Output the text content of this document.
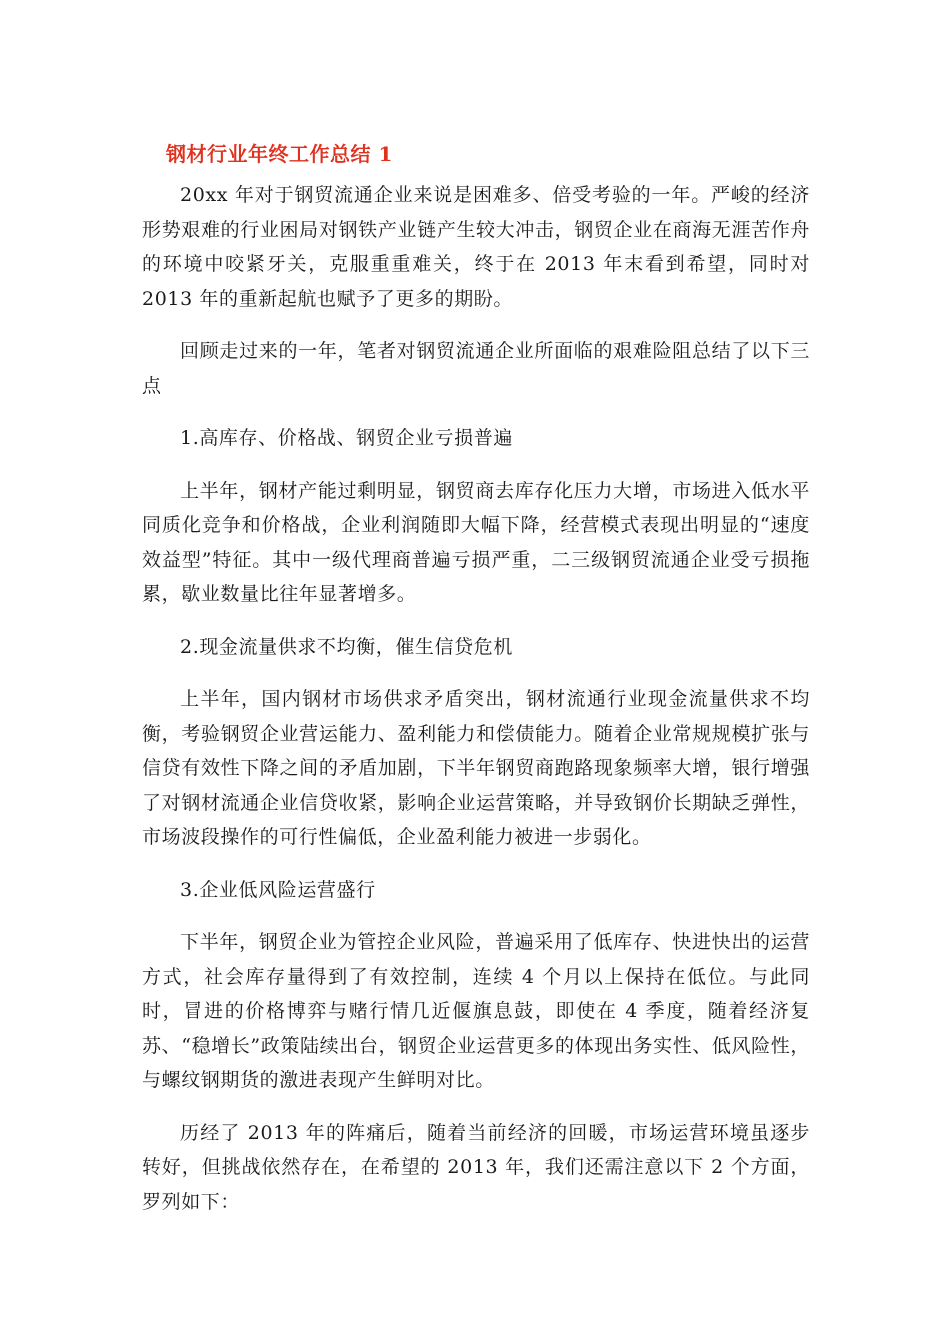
钢材行业年终工作总结 1

20xx 年对于钢贸流通企业来说是困难多、倍受考验的一年。严峻的经济形势艰难的行业困局对钢铁产业链产生较大冲击，钢贸企业在商海无涯苦作舟的环境中咬紧牙关，克服重重难关，终于在 2013 年末看到希望，同时对 2013 年的重新起航也赋予了更多的期盼。

回顾走过来的一年，笔者对钢贸流通企业所面临的艰难险阻总结了以下三点

1.高库存、价格战、钢贸企业亏损普遍

上半年，钢材产能过剩明显，钢贸商去库存化压力大增，市场进入低水平同质化竞争和价格战，企业利润随即大幅下降，经营模式表现出明显的“速度效益型”特征。其中一级代理商普遍亏损严重，二三级钢贸流通企业受亏损拖累，歇业数量比往年显著增多。

2.现金流量供求不均衡，催生信贷危机

上半年，国内钢材市场供求矛盾突出，钢材流通行业现金流量供求不均衡，考验钢贸企业营运能力、盈利能力和偿债能力。随着企业常规规模扩张与信贷有效性下降之间的矛盾加剧，下半年钢贸商跑路现象频率大增，银行增强了对钢材流通企业信贷收紧，影响企业运营策略，并导致钢价长期缺乏弹性，市场波段操作的可行性偏低，企业盈利能力被进一步弱化。

3.企业低风险运营盛行

下半年，钢贸企业为管控企业风险，普遍采用了低库存、快进快出的运营方式，社会库存量得到了有效控制，连续 4 个月以上保持在低位。与此同时，冒进的价格博弈与赌行情几近偃旗息鼓，即使在 4 季度，随着经济复苏、“稳增长”政策陆续出台，钢贸企业运营更多的体现出务实性、低风险性，与螺纹钢期货的激进表现产生鲜明对比。

历经了 2013 年的阵痛后，随着当前经济的回暖，市场运营环境虽逐步转好，但挑战依然存在，在希望的 2013 年，我们还需注意以下 2 个方面，罗列如下：
